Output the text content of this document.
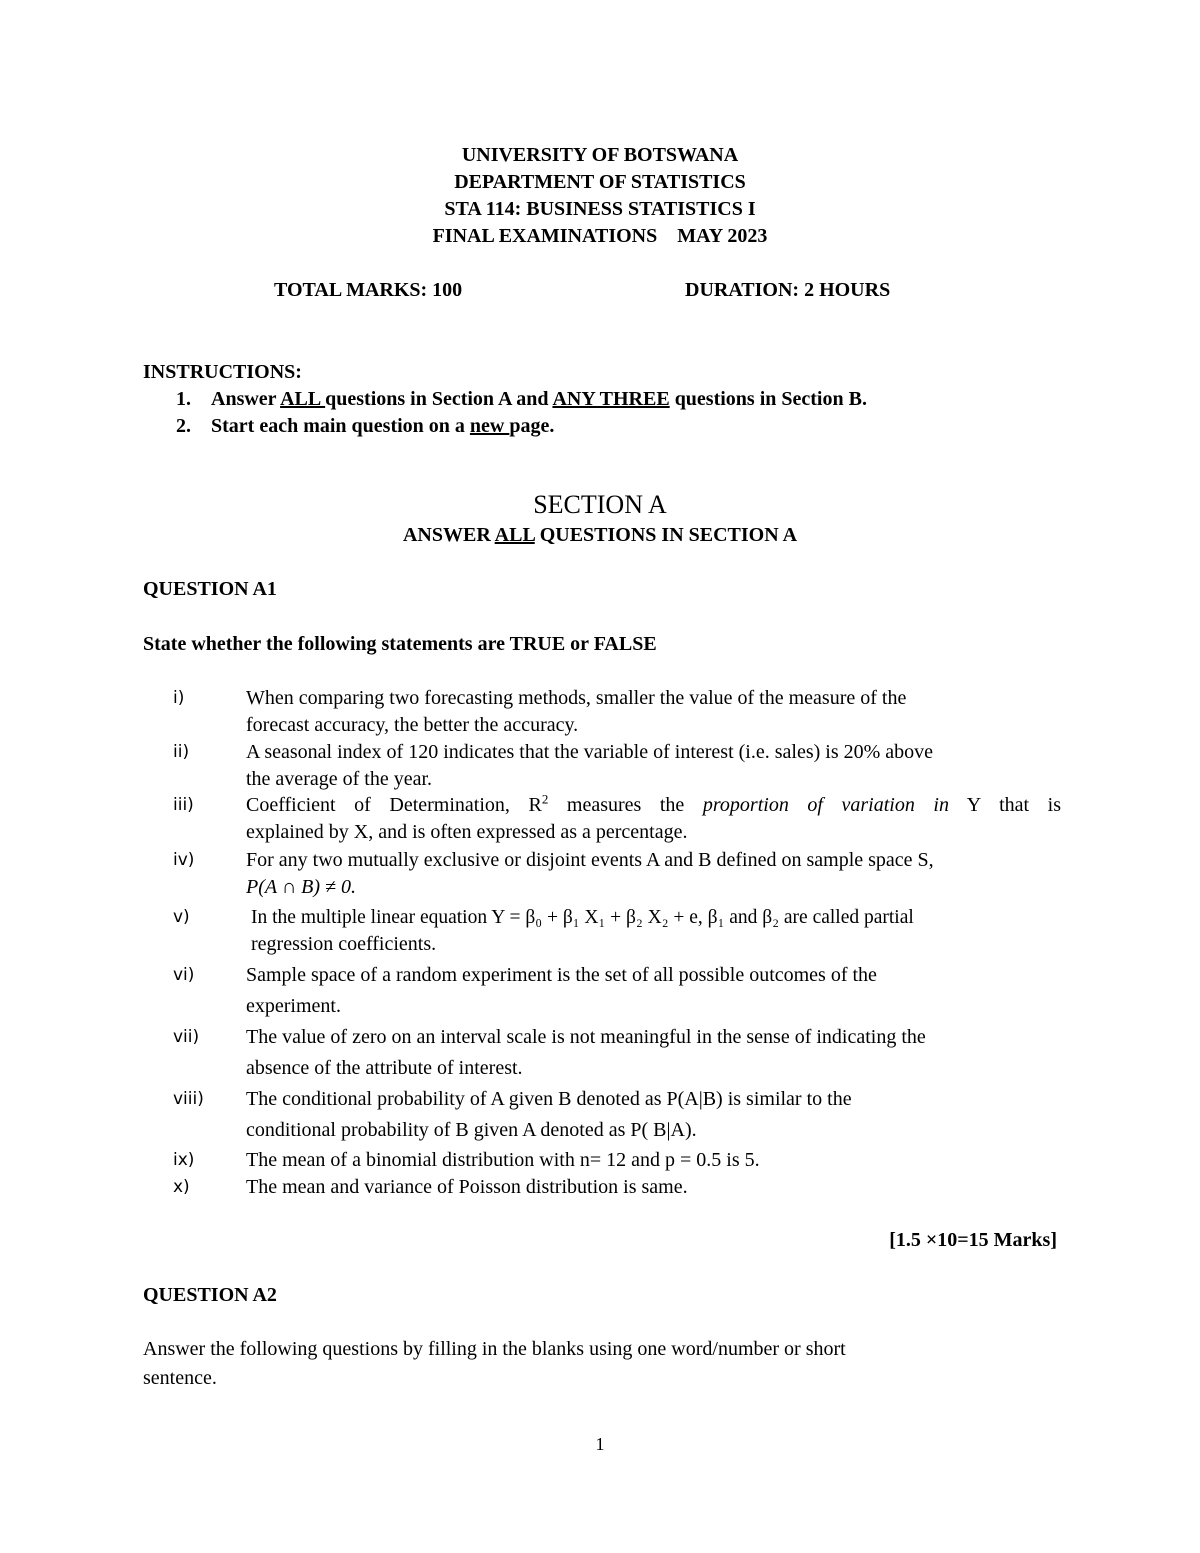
UNIVERSITY OF BOTSWANA
DEPARTMENT OF STATISTICS
STA 114: BUSINESS STATISTICS I
FINAL EXAMINATIONS    MAY 2023
TOTAL MARKS: 100	DURATION: 2 HOURS
INSTRUCTIONS:
1. Answer ALL questions in Section A and ANY THREE questions in Section B.
2. Start each main question on a new page.
SECTION A
ANSWER ALL QUESTIONS IN SECTION A
QUESTION A1
State whether the following statements are TRUE or FALSE
i)	When comparing two forecasting methods, smaller the value of the measure of the
forecast accuracy, the better the accuracy.
ii)	A seasonal index of 120 indicates that the variable of interest (i.e. sales) is 20% above
the average of the year.
iii)	Coefficient of Determination, $R^2$ measures the proportion of variation in Y that is
explained by X, and is often expressed as a percentage.
iv)	For any two mutually exclusive or disjoint events A and B defined on sample space S,
P(A ∩ B) ≠ 0.
v)	In the multiple linear equation Y = β₀ + β₁ X₁ + β₂ X₂ + e, β₁ and β₂ are called partial
regression coefficients.
vi)	Sample space of a random experiment is the set of all possible outcomes of the
experiment.
vii) The value of zero on an interval scale is not meaningful in the sense of indicating the
absence of the attribute of interest.
viii) The conditional probability of A given B denoted as P(A|B) is similar to the
conditional probability of B given A denoted as P( B|A).
ix)	The mean of a binomial distribution with n= 12 and p = 0.5 is 5.
x)	The mean and variance of Poisson distribution is same.
[1.5 ×10=15 Marks]
QUESTION A2
Answer the following questions by filling in the blanks using one word/number or short
sentence.
1
